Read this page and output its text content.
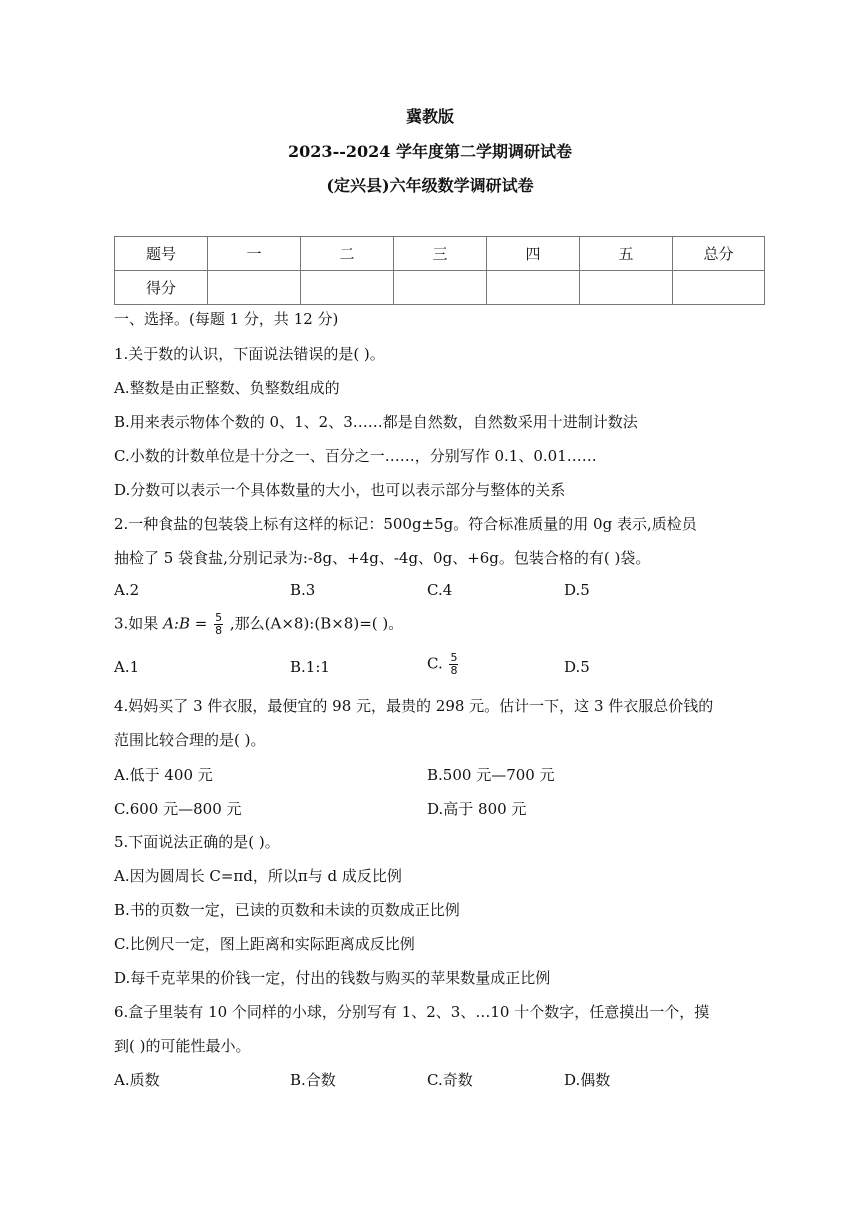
冀教版
2023--2024 学年度第二学期调研试卷
(定兴县)六年级数学调研试卷
题号	一	二	三	四	五	总分
得分						
一、选择。(每题 1 分，共 12 分)
1.关于数的认识，下面说法错误的是( )。
A.整数是由正整数、负整数组成的
B.用来表示物体个数的 0、1、2、3……都是自然数，自然数采用十进制计数法
C.小数的计数单位是十分之一、百分之一……，分别写作 0.1、0.01……
D.分数可以表示一个具体数量的大小，也可以表示部分与整体的关系
2.一种食盐的包装袋上标有这样的标记：500g±5g。符合标准质量的用 0g 表示,质检员
抽检了 5 袋食盐,分别记录为:-8g、+4g、-4g、0g、+6g。包装合格的有( )袋。
A.2	B.3	C.4	D.5
3.如果 A:B = $\frac{5}{8}$ ,那么(A×8):(B×8)=( )。
A.1	B.1:1	C. $\frac{5}{8}$	D.5
4.妈妈买了 3 件衣服，最便宜的 98 元，最贵的 298 元。估计一下，这 3 件衣服总价钱的
范围比较合理的是( )。
A.低于 400 元	B.500 元—700 元
C.600 元—800 元	D.高于 800 元
5.下面说法正确的是( )。
A.因为圆周长 C=πd，所以π与 d 成反比例
B.书的页数一定，已读的页数和未读的页数成正比例
C.比例尺一定，图上距离和实际距离成反比例
D.每千克苹果的价钱一定，付出的钱数与购买的苹果数量成正比例
6.盒子里装有 10 个同样的小球，分别写有 1、2、3、…10 十个数字，任意摸出一个，摸
到( )的可能性最小。
A.质数	B.合数	C.奇数	D.偶数
